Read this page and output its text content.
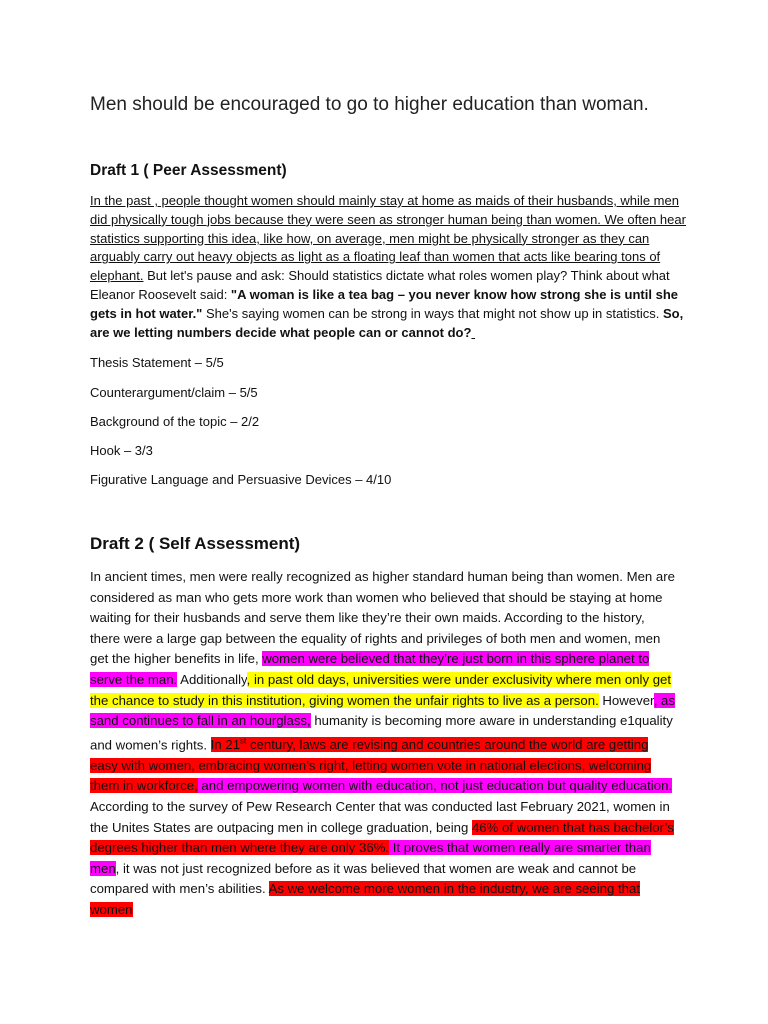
Men should be encouraged to go to higher education than woman.
Draft 1 ( Peer Assessment)
In the past , people thought women should mainly stay at home as maids of their husbands, while men did physically tough jobs because they were seen as stronger human being than women. We often hear statistics supporting this idea, like how, on average, men might be physically stronger as they can arguably carry out heavy objects as light as a floating leaf than women that acts like bearing tons of elephant. But let's pause and ask: Should statistics dictate what roles women play? Think about what Eleanor Roosevelt said: "A woman is like a tea bag – you never know how strong she is until she gets in hot water." She's saying women can be strong in ways that might not show up in statistics. So, are we letting numbers decide what people can or cannot do?
Thesis Statement – 5/5
Counterargument/claim – 5/5
Background of the topic – 2/2
Hook – 3/3
Figurative Language and Persuasive Devices – 4/10
Draft 2 ( Self Assessment)
In ancient times, men were really recognized as higher standard human being than women. Men are considered as man who gets more work than women who believed that should be staying at home waiting for their husbands and serve them like they’re their own maids. According to the history, there were a large gap between the equality of rights and privileges of both men and women, men get the higher benefits in life, women were believed that they’re just born in this sphere planet to serve the man. Additionally, in past old days, universities were under exclusivity where men only get the chance to study in this institution, giving women the unfair rights to live as a person. However, as sand continues to fall in an hourglass, humanity is becoming more aware in understanding e1quality and women’s rights. In 21st century, laws are revising and countries around the world are getting easy with women, embracing women’s right, letting women vote in national elections, welcoming them in workforce, and empowering women with education, not just education but quality education. According to the survey of Pew Research Center that was conducted last February 2021, women in the Unites States are outpacing men in college graduation, being 46% of women that has bachelor’s degrees higher than men where they are only 36%. It proves that women really are smarter than men, it was not just recognized before as it was believed that women are weak and cannot be compared with men’s abilities. As we welcome more women in the industry, we are seeing that women
